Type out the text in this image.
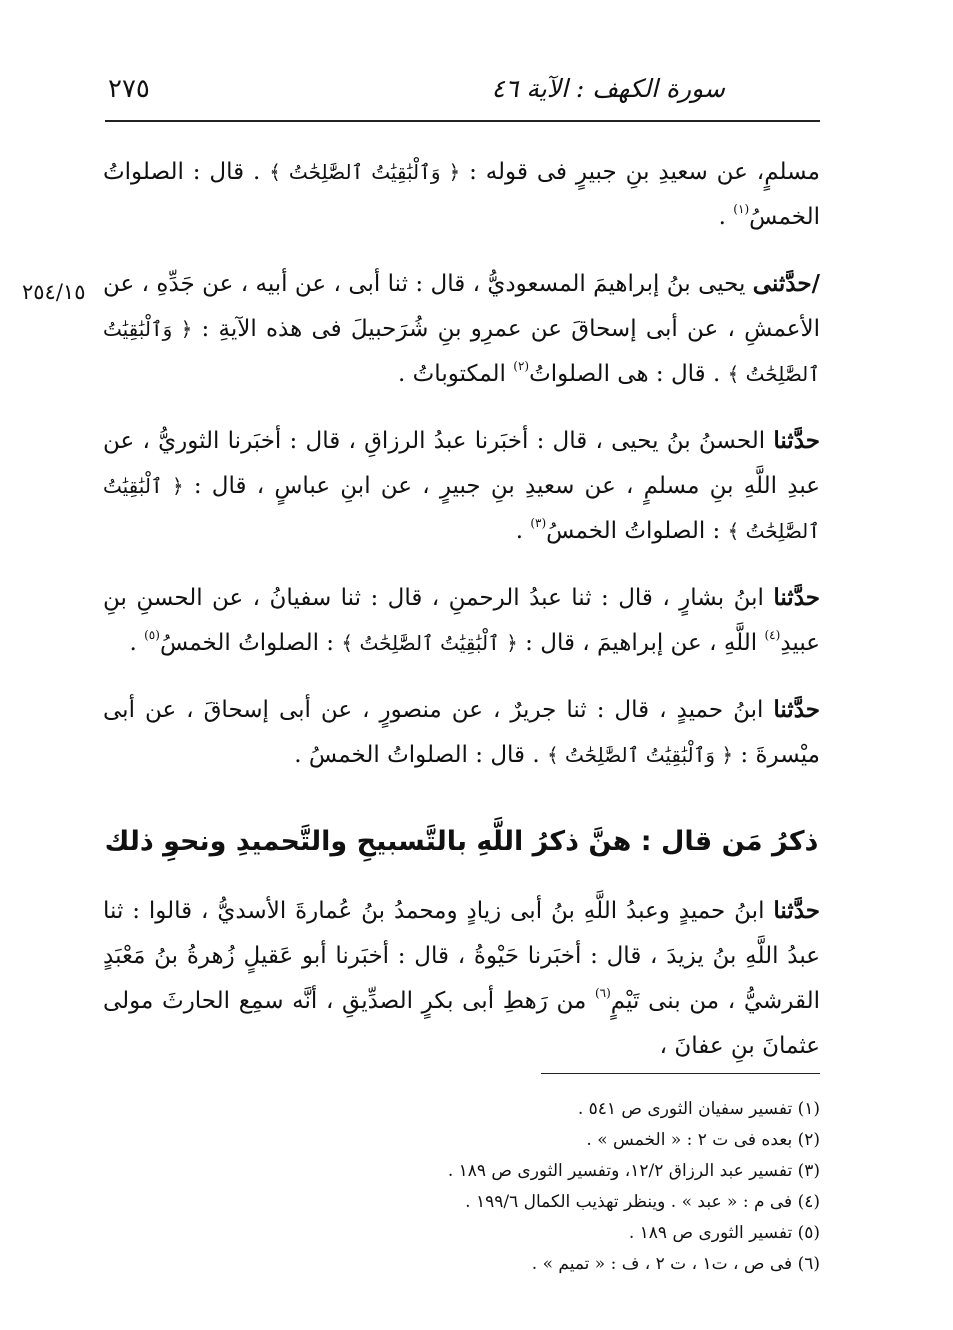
سورة الكهف : الآية ٤٦
٢٧٥
٢٥٤/١٥
مسلمٍ، عن سعيدِ بنِ جبيرٍ فى قوله : ﴿ وَٱلْبَٰقِيَٰتُ ٱلصَّٰلِحَٰتُ ﴾ . قال : الصلواتُ الخمسُ$^{(١)}$ .
/حدَّثنى يحيى بنُ إبراهيمَ المسعوديُّ ، قال : ثنا أبى ، عن أبيه ، عن جَدِّهِ ، عن الأعمشِ ، عن أبى إسحاقَ عن عمرِو بنِ شُرَحبيلَ فى هذه الآيةِ : ﴿ وَٱلْبَٰقِيَٰتُ ٱلصَّٰلِحَٰتُ ﴾ . قال : هى الصلواتُ$^{(٢)}$ المكتوباتُ .
حدَّثنا الحسنُ بنُ يحيى ، قال : أخبَرنا عبدُ الرزاقِ ، قال : أخبَرنا الثوريُّ ، عن عبدِ اللَّهِ بنِ مسلمٍ ، عن سعيدِ بنِ جبيرٍ ، عن ابنِ عباسٍ ، قال : ﴿ ٱلْبَٰقِيَٰتُ ٱلصَّٰلِحَٰتُ ﴾ : الصلواتُ الخمسُ$^{(٣)}$ .
حدَّثنا ابنُ بشارٍ ، قال : ثنا عبدُ الرحمنِ ، قال : ثنا سفيانُ ، عن الحسنِ بنِ عبيدِ$^{(٤)}$ اللَّهِ ، عن إبراهيمَ ، قال : ﴿ ٱلْبَٰقِيَٰتُ ٱلصَّٰلِحَٰتُ ﴾ : الصلواتُ الخمسُ$^{(٥)}$ .
حدَّثنا ابنُ حميدٍ ، قال : ثنا جريرٌ ، عن منصورٍ ، عن أبى إسحاقَ ، عن أبى ميْسرةَ : ﴿ وَٱلْبَٰقِيَٰتُ ٱلصَّٰلِحَٰتُ ﴾ . قال : الصلواتُ الخمسُ .
ذكرُ مَن قال : هنَّ ذكرُ اللَّهِ بالتَّسبيحِ والتَّحميدِ ونحوِ ذلك
حدَّثنا ابنُ حميدٍ وعبدُ اللَّهِ بنُ أبى زيادٍ ومحمدُ بنُ عُمارةَ الأسديُّ ، قالوا : ثنا عبدُ اللَّهِ بنُ يزيدَ ، قال : أخبَرنا حَيْوةُ ، قال : أخبَرنا أبو عَقيلٍ زُهرةُ بنُ مَعْبَدٍ القرشيُّ ، من بنى تَيْمٍ$^{(٦)}$ من رَهطِ أبى بكرٍ الصدِّيقِ ، أنَّه سمِع الحارثَ مولى عثمانَ بنِ عفانَ ،
(١) تفسير سفيان الثورى ص ٥٤١ .
(٢) بعده فى ت ٢ : « الخمس » .
(٣) تفسير عبد الرزاق ١٢/٢، وتفسير الثورى ص ١٨٩ .
(٤) فى م : « عبد » . وينظر تهذيب الكمال ١٩٩/٦ .
(٥) تفسير الثورى ص ١٨٩ .
(٦) فى ص ، ت١ ، ت ٢ ، ف : « تميم » .
